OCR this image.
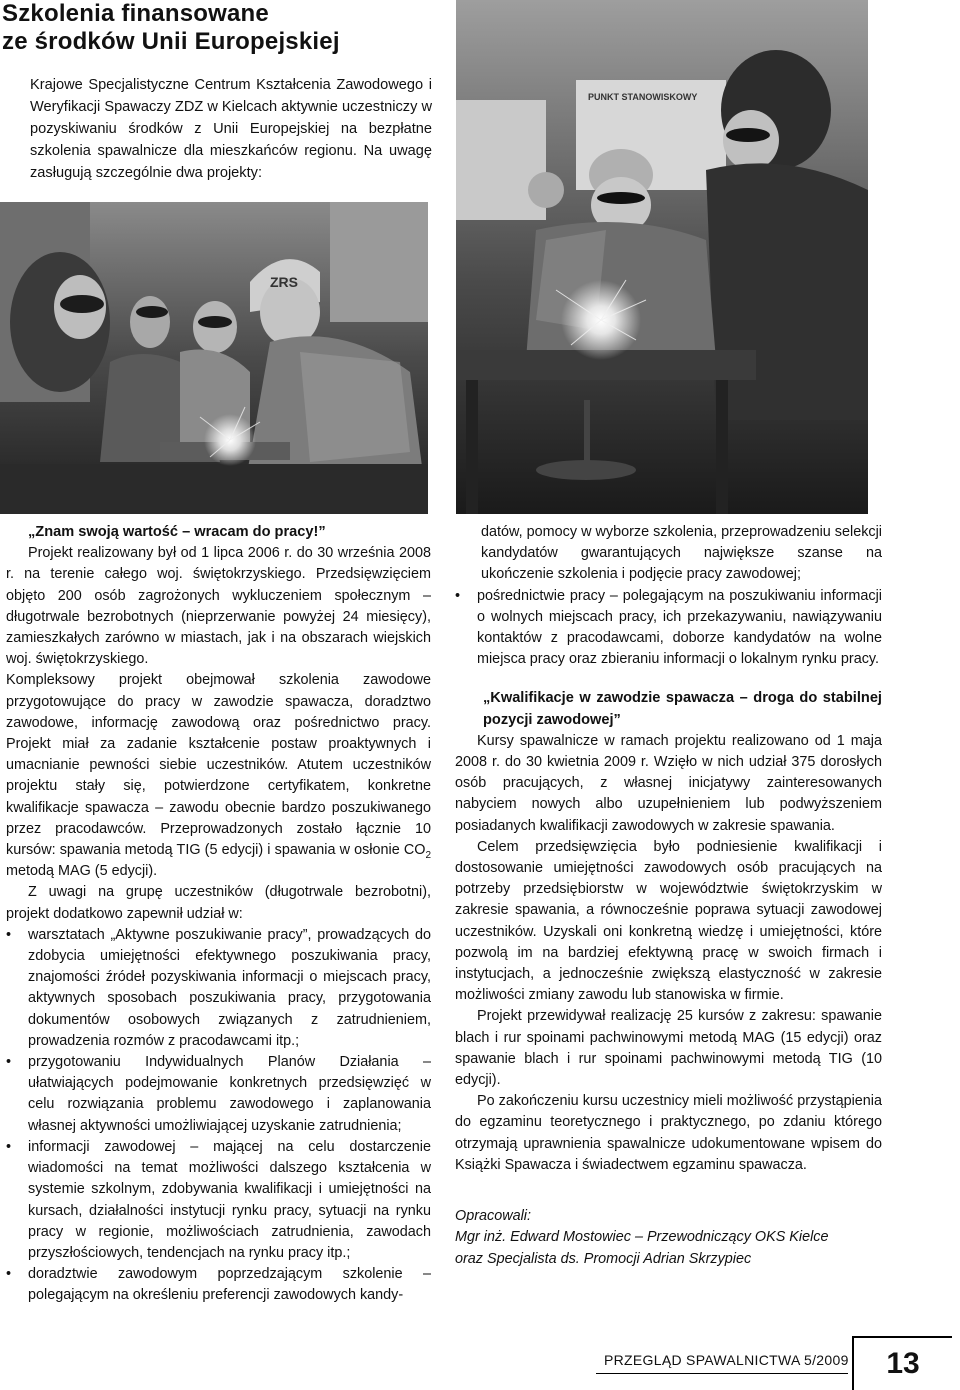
Szkolenia finansowane
ze środków Unii Europejskiej

Krajowe Specjalistyczne Centrum Kształcenia Zawodowego i Weryfikacji Spawaczy ZDZ w Kielcach aktywnie uczestniczy w pozyskiwaniu środków z Unii Europejskiej na bezpłatne szkolenia spawalnicze dla mieszkańców regionu. Na uwagę zasługują szczególnie dwa projekty:

ZRS
PUNKT STANOWISKOWY
„Znam swoją wartość – wracam do pracy!”

Projekt realizowany był od 1 lipca 2006 r. do 30 września 2008 r. na terenie całego woj. świętokrzyskiego. Przedsięwzięciem objęto 200 osób zagrożonych wykluczeniem społecznym – długotrwale bezrobotnych (nieprzerwanie powyżej 24 miesięcy), zamieszkałych zarówno w miastach, jak i na obszarach wiejskich woj. świętokrzyskiego.

Kompleksowy projekt obejmował szkolenia zawodowe przygotowujące do pracy w zawodzie spawacza, doradztwo zawodowe, informację zawodową oraz pośrednictwo pracy. Projekt miał za zadanie kształcenie postaw proaktywnych i umacnianie pewności siebie uczestników. Atutem uczestników projektu stały się, potwierdzone certyfikatem, konkretne kwalifikacje spawacza – zawodu obecnie bardzo poszukiwanego przez pracodawców. Przeprowadzonych zostało łącznie 10 kursów: spawania metodą TIG (5 edycji) i spawania w osłonie $CO_2$ metodą MAG (5 edycji).

Z uwagi na grupę uczestników (długotrwale bezrobotni), projekt dodatkowo zapewnił udział w:

• warsztatach „Aktywne poszukiwanie pracy”, prowadzących do zdobycia umiejętności efektywnego poszukiwania pracy, znajomości źródeł pozyskiwania informacji o miejscach pracy, aktywnych sposobach poszukiwania pracy, przygotowania dokumentów osobowych związanych z zatrudnieniem, prowadzenia rozmów z pracodawcami itp.;
• przygotowaniu Indywidualnych Planów Działania – ułatwiających podejmowanie konkretnych przedsięwzięć w celu rozwiązania problemu zawodowego i zaplanowania własnej aktywności umożliwiającej uzyskanie zatrudnienia;
• informacji zawodowej – mającej na celu dostarczenie wiadomości na temat możliwości dalszego kształcenia w systemie szkolnym, zdobywania kwalifikacji i umiejętności na kursach, działalności instytucji rynku pracy, sytuacji na rynku pracy w regionie, możliwościach zatrudnienia, zawodach przyszłościowych, tendencjach na rynku pracy itp.;
• doradztwie zawodowym poprzedzającym szkolenie – polegającym na określeniu preferencji zawodowych kandy-
datów, pomocy w wyborze szkolenia, przeprowadzeniu selekcji kandydatów gwarantujących największe szanse na ukończenie szkolenia i podjęcie pracy zawodowej;
• pośrednictwie pracy – polegającym na poszukiwaniu informacji o wolnych miejscach pracy, ich przekazywaniu, nawiązywaniu kontaktów z pracodawcami, doborze kandydatów na wolne miejsca pracy oraz zbieraniu informacji o lokalnym rynku pracy.
„Kwalifikacje w zawodzie spawacza – droga do stabilnej pozycji zawodowej”

Kursy spawalnicze w ramach projektu realizowano od 1 maja 2008 r. do 30 kwietnia 2009 r. Wzięło w nich udział 375 dorosłych osób pracujących, z własnej inicjatywy zainteresowanych nabyciem nowych albo uzupełnieniem lub podwyższeniem posiadanych kwalifikacji zawodowych w zakresie spawania.

Celem przedsięwzięcia było podniesienie kwalifikacji i dostosowanie umiejętności zawodowych osób pracujących na potrzeby przedsiębiorstw w województwie świętokrzyskim w zakresie spawania, a równocześnie poprawa sytuacji zawodowej uczestników. Uzyskali oni konkretną wiedzę i umiejętności, które pozwolą im na bardziej efektywną pracę w swoich firmach i instytucjach, a jednocześnie zwiększą elastyczność w zakresie możliwości zmiany zawodu lub stanowiska w firmie.

Projekt przewidywał realizację 25 kursów z zakresu: spawanie blach i rur spoinami pachwinowymi metodą MAG (15 edycji) oraz spawanie blach i rur spoinami pachwinowymi metodą TIG (10 edycji).

Po zakończeniu kursu uczestnicy mieli możliwość przystąpienia do egzaminu teoretycznego i praktycznego, po zdaniu którego otrzymają uprawnienia spawalnicze udokumentowane wpisem do Książki Spawacza i świadectwem egzaminu spawacza.

Opracowali:

Mgr inż. Edward Mostowiec – Przewodniczący OKS Kielce

oraz Specjalista ds. Promocji Adrian Skrzypiec

PRZEGLĄD SPAWALNICTWA 5/2009	13
